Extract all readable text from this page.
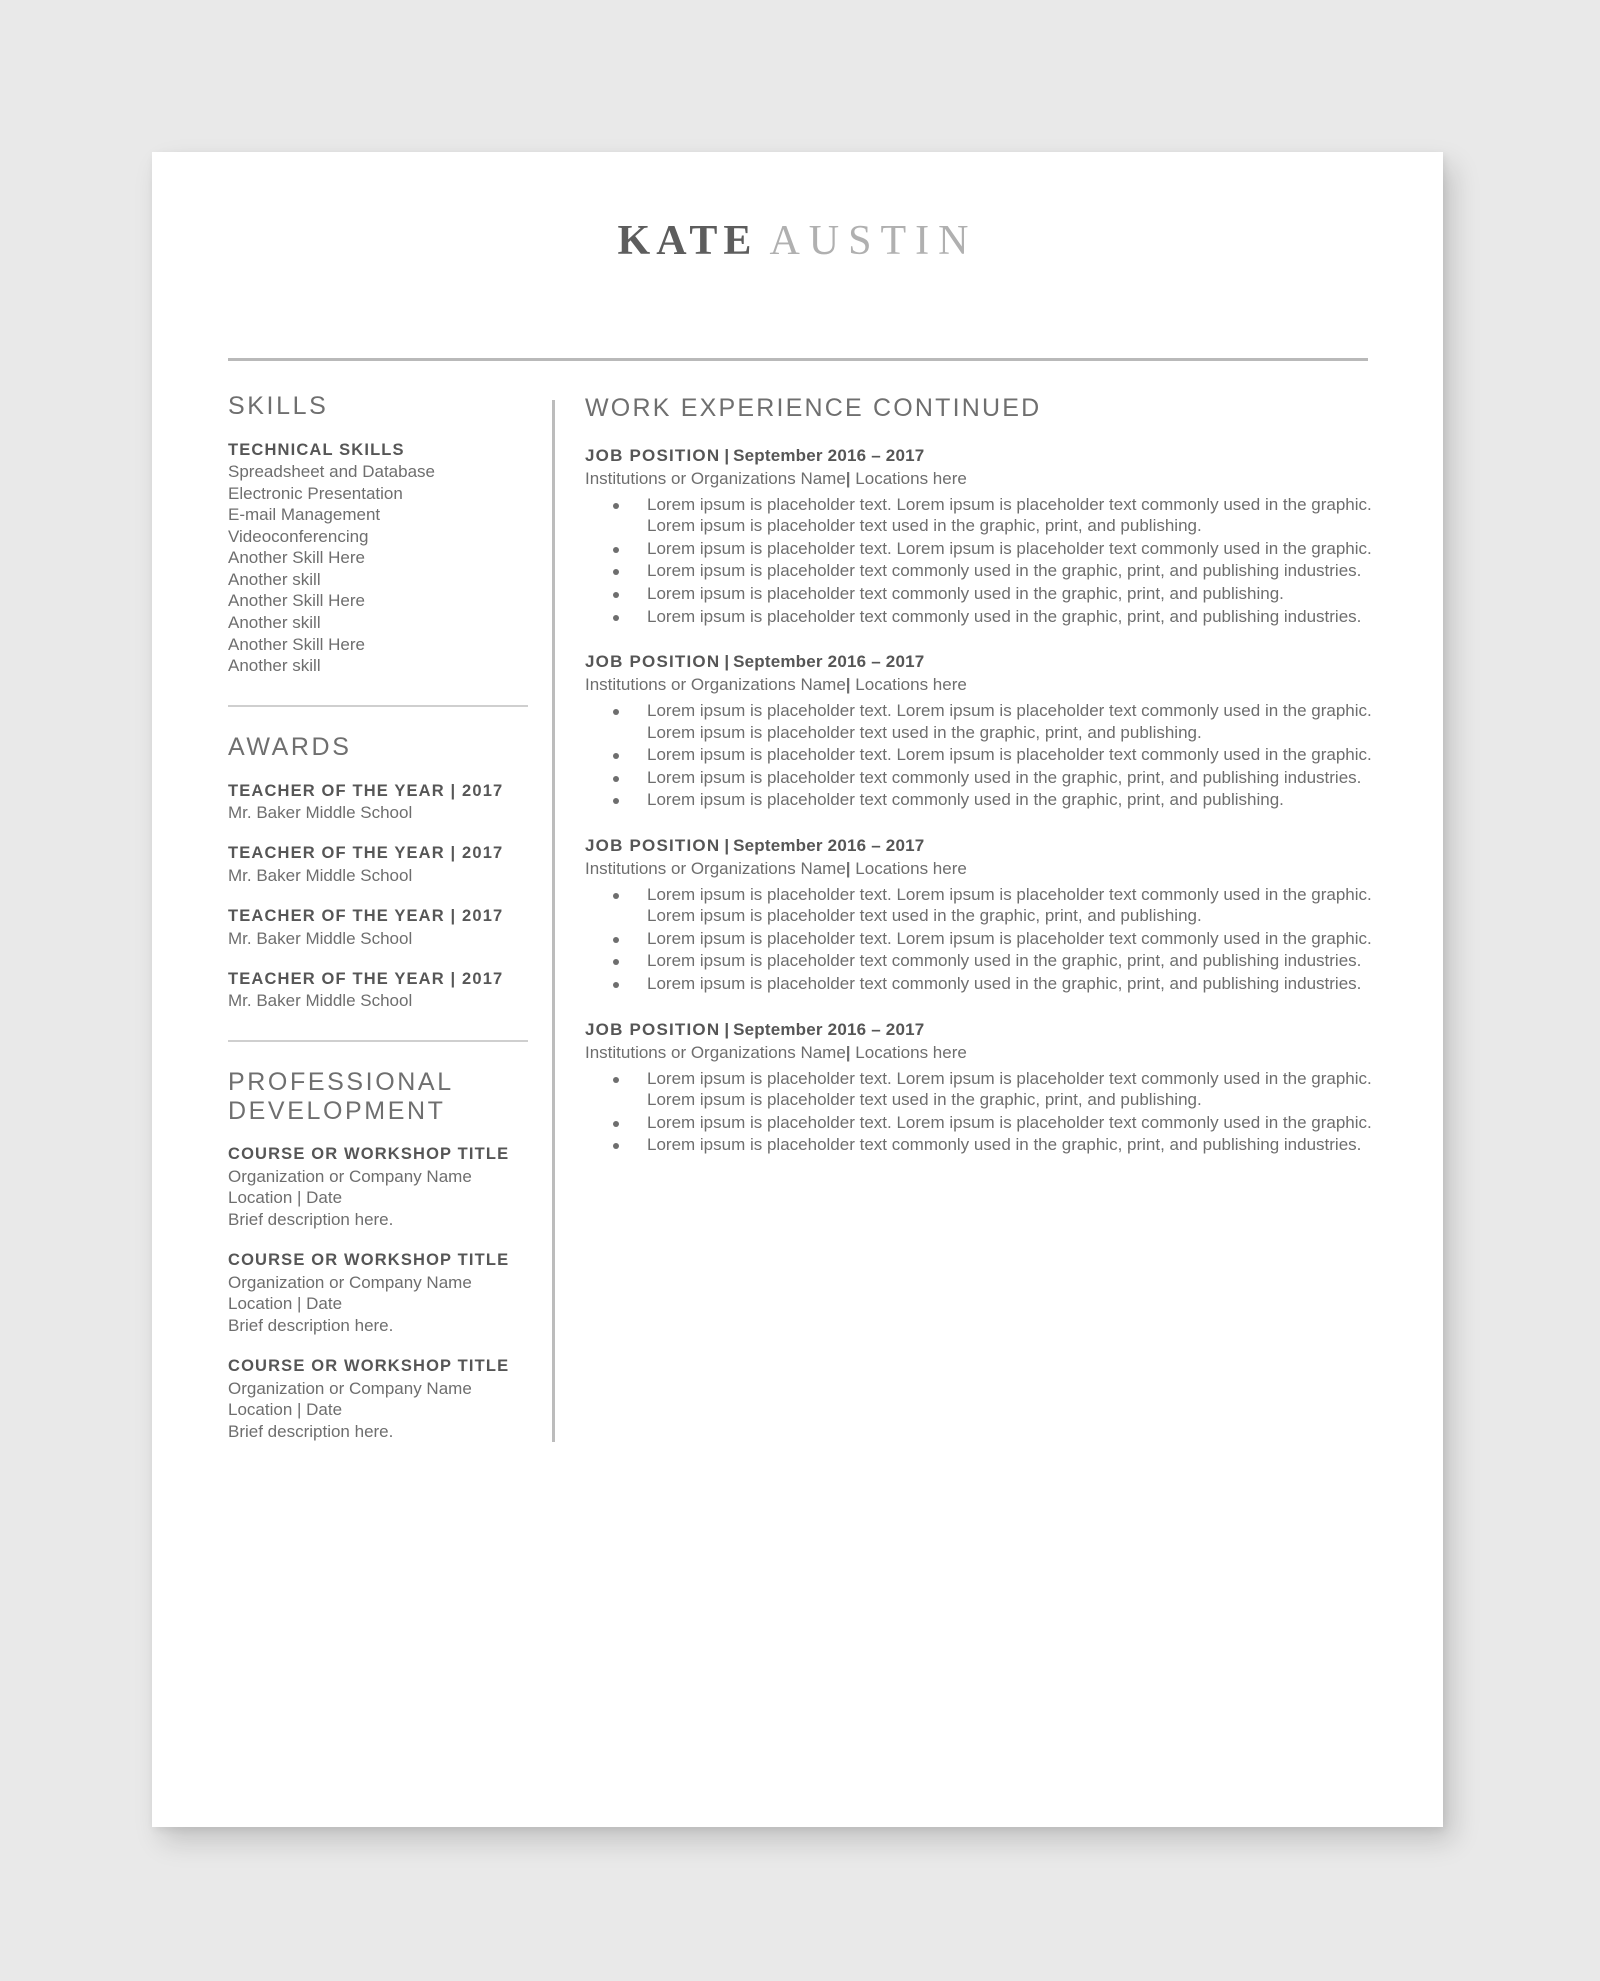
KATE AUSTIN
SKILLS
TECHNICAL SKILLS
Spreadsheet and Database
Electronic Presentation
E-mail Management
Videoconferencing
Another Skill Here
Another skill
Another Skill Here
Another skill
Another Skill Here
Another skill
AWARDS
TEACHER OF THE YEAR | 2017
Mr. Baker Middle School
TEACHER OF THE YEAR | 2017
Mr. Baker Middle School
TEACHER OF THE YEAR | 2017
Mr. Baker Middle School
TEACHER OF THE YEAR | 2017
Mr. Baker Middle School
PROFESSIONAL
DEVELOPMENT
COURSE OR WORKSHOP TITLE
Organization or Company Name
Location | Date
Brief description here.
COURSE OR WORKSHOP TITLE
Organization or Company Name
Location | Date
Brief description here.
COURSE OR WORKSHOP TITLE
Organization or Company Name
Location | Date
Brief description here.
WORK EXPERIENCE CONTINUED
JOB POSITION | September 2016 – 2017
Institutions or Organizations Name| Locations here
Lorem ipsum is placeholder text. Lorem ipsum is placeholder text commonly used in the graphic. Lorem ipsum is placeholder text used in the graphic, print, and publishing.
Lorem ipsum is placeholder text. Lorem ipsum is placeholder text commonly used in the graphic.
Lorem ipsum is placeholder text commonly used in the graphic, print, and publishing industries.
Lorem ipsum is placeholder text commonly used in the graphic, print, and publishing.
Lorem ipsum is placeholder text commonly used in the graphic, print, and publishing industries.
JOB POSITION | September 2016 – 2017
Institutions or Organizations Name| Locations here
Lorem ipsum is placeholder text. Lorem ipsum is placeholder text commonly used in the graphic. Lorem ipsum is placeholder text used in the graphic, print, and publishing.
Lorem ipsum is placeholder text. Lorem ipsum is placeholder text commonly used in the graphic.
Lorem ipsum is placeholder text commonly used in the graphic, print, and publishing industries.
Lorem ipsum is placeholder text commonly used in the graphic, print, and publishing.
JOB POSITION | September 2016 – 2017
Institutions or Organizations Name| Locations here
Lorem ipsum is placeholder text. Lorem ipsum is placeholder text commonly used in the graphic. Lorem ipsum is placeholder text used in the graphic, print, and publishing.
Lorem ipsum is placeholder text. Lorem ipsum is placeholder text commonly used in the graphic.
Lorem ipsum is placeholder text commonly used in the graphic, print, and publishing industries.
Lorem ipsum is placeholder text commonly used in the graphic, print, and publishing industries.
JOB POSITION | September 2016 – 2017
Institutions or Organizations Name| Locations here
Lorem ipsum is placeholder text. Lorem ipsum is placeholder text commonly used in the graphic. Lorem ipsum is placeholder text used in the graphic, print, and publishing.
Lorem ipsum is placeholder text. Lorem ipsum is placeholder text commonly used in the graphic.
Lorem ipsum is placeholder text commonly used in the graphic, print, and publishing industries.
